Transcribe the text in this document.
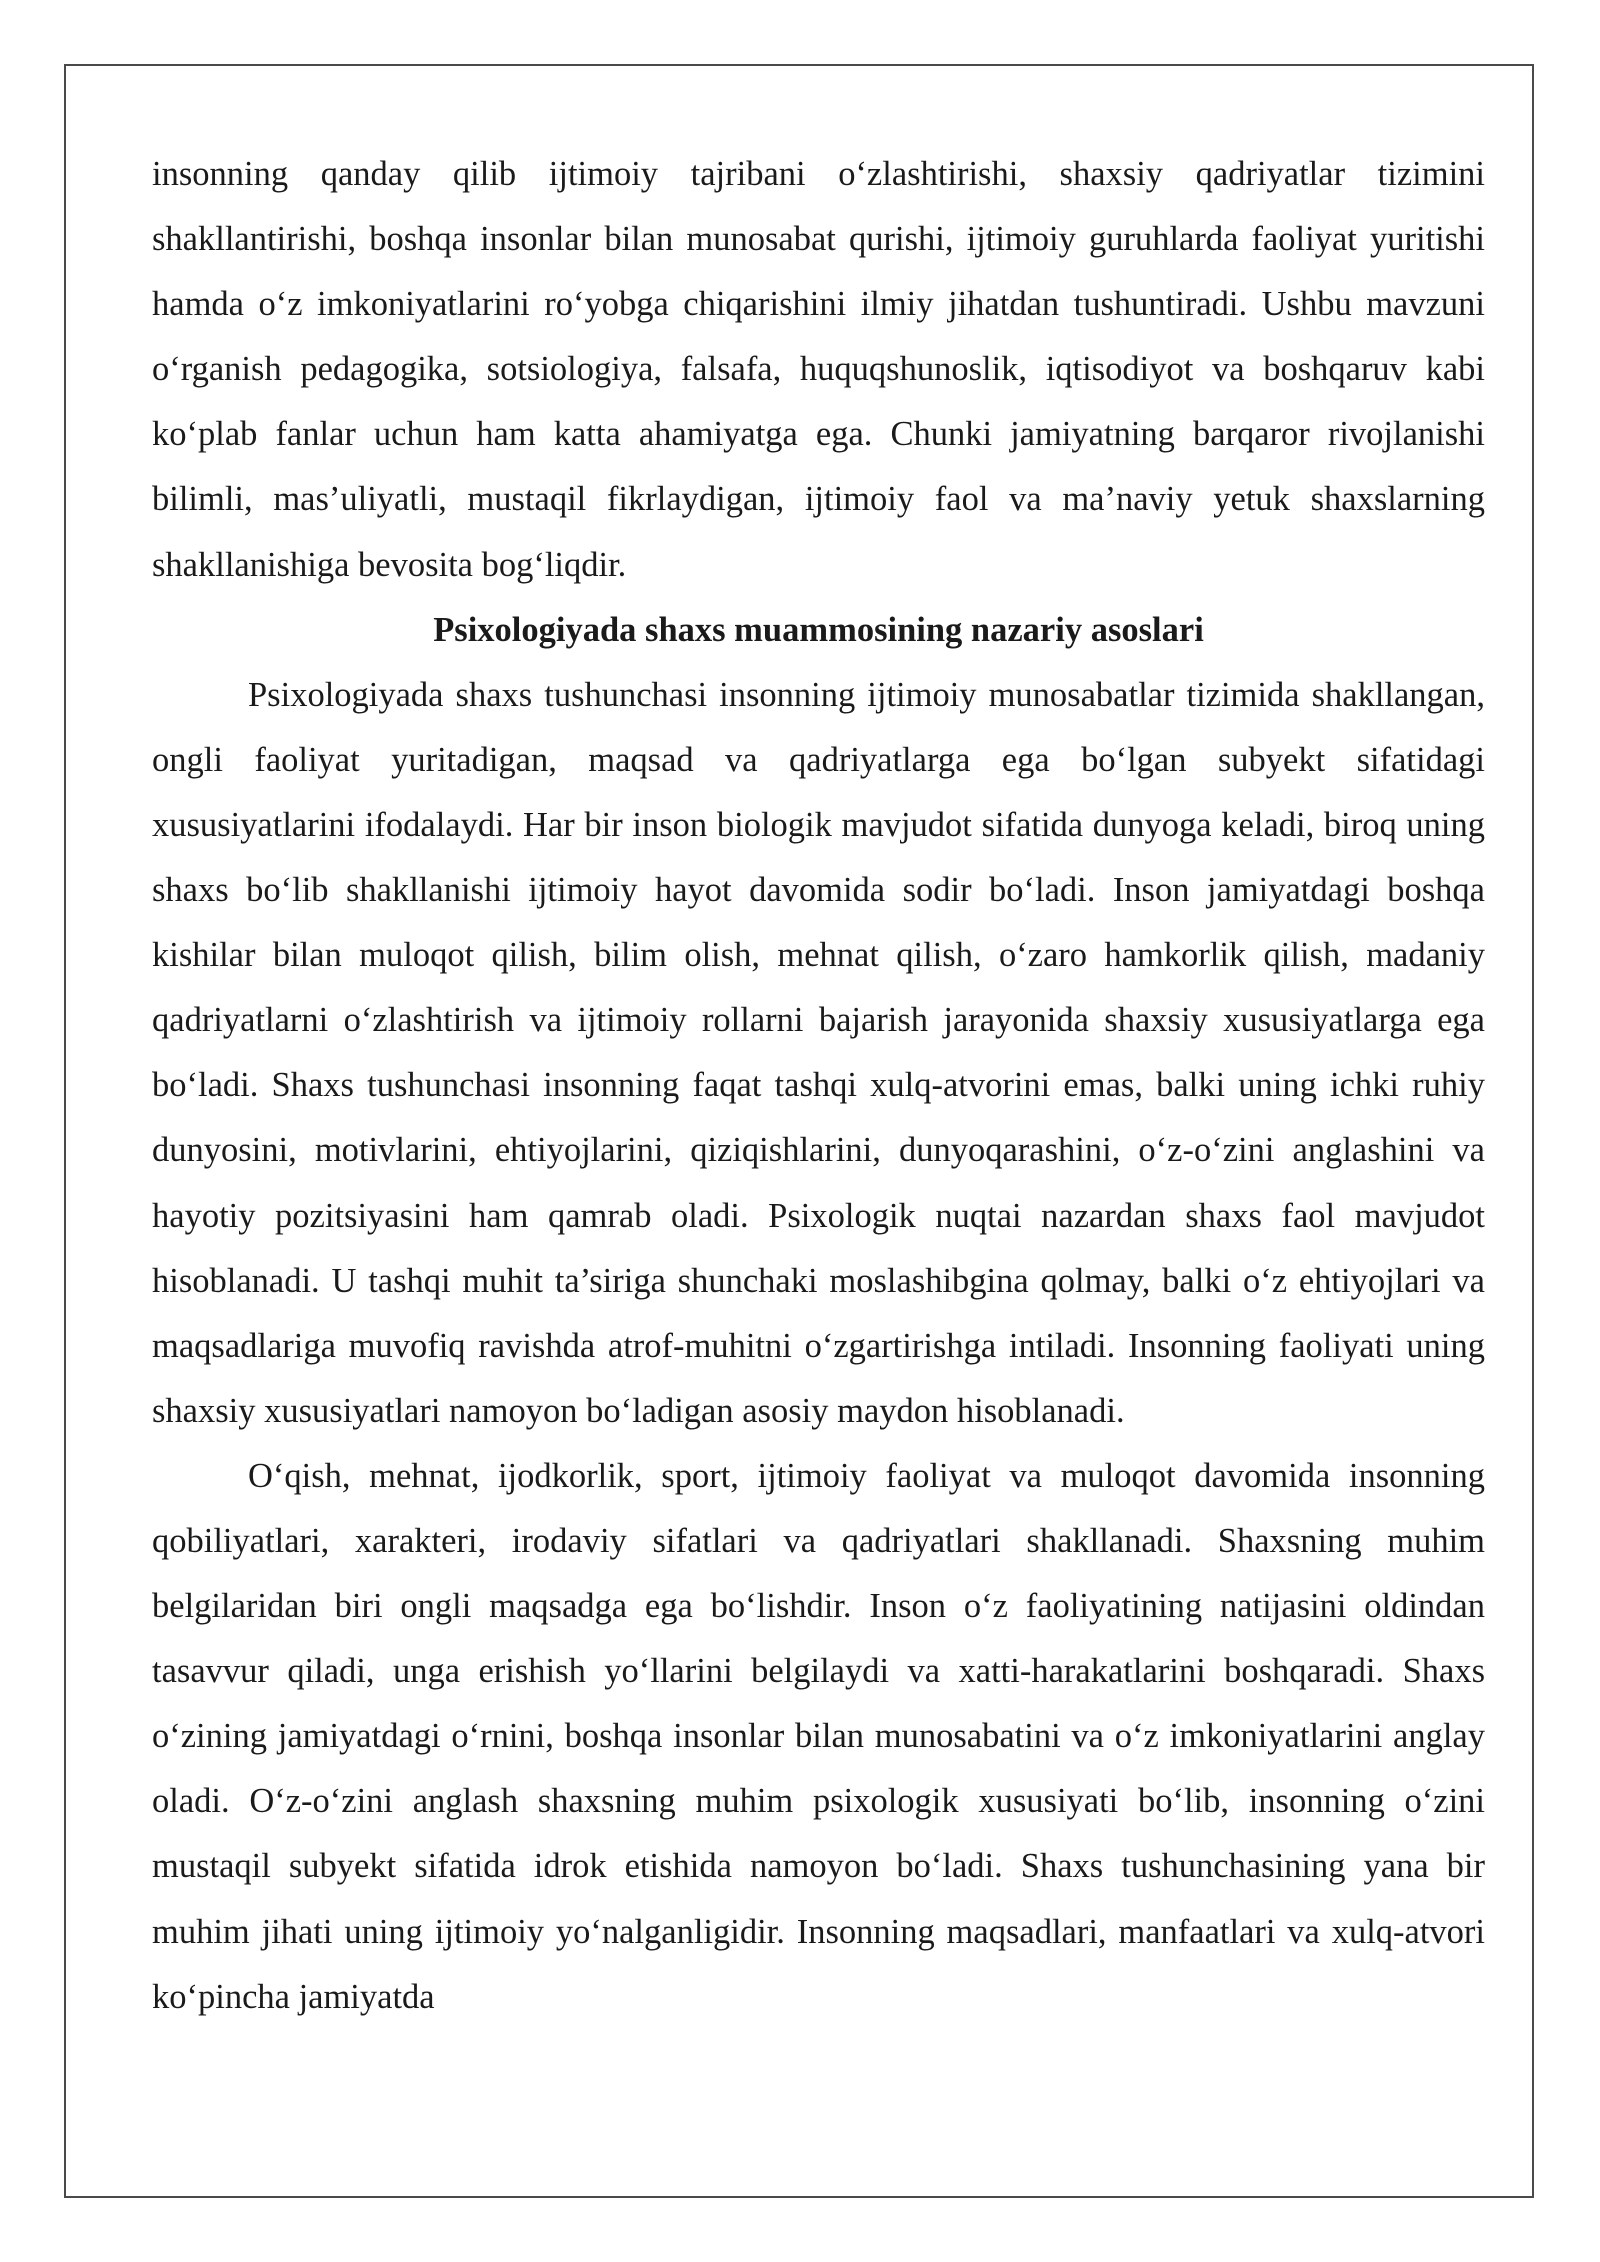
insonning qanday qilib ijtimoiy tajribani o‘zlashtirishi, shaxsiy qadriyatlar tizimini shakllantirishi, boshqa insonlar bilan munosabat qurishi, ijtimoiy guruhlarda faoliyat yuritishi hamda o‘z imkoniyatlarini ro‘yobga chiqarishini ilmiy jihatdan tushuntiradi. Ushbu mavzuni o‘rganish pedagogika, sotsiologiya, falsafa, huquqshunoslik, iqtisodiyot va boshqaruv kabi ko‘plab fanlar uchun ham katta ahamiyatga ega. Chunki jamiyatning barqaror rivojlanishi bilimli, mas’uliyatli, mustaqil fikrlaydigan, ijtimoiy faol va ma’naviy yetuk shaxslarning shakllanishiga bevosita bog‘liqdir.

Psixologiyada shaxs muammosining nazariy asoslari

Psixologiyada shaxs tushunchasi insonning ijtimoiy munosabatlar tizimida shakllangan, ongli faoliyat yuritadigan, maqsad va qadriyatlarga ega bo‘lgan subyekt sifatidagi xususiyatlarini ifodalaydi. Har bir inson biologik mavjudot sifatida dunyoga keladi, biroq uning shaxs bo‘lib shakllanishi ijtimoiy hayot davomida sodir bo‘ladi. Inson jamiyatdagi boshqa kishilar bilan muloqot qilish, bilim olish, mehnat qilish, o‘zaro hamkorlik qilish, madaniy qadriyatlarni o‘zlashtirish va ijtimoiy rollarni bajarish jarayonida shaxsiy xususiyatlarga ega bo‘ladi. Shaxs tushunchasi insonning faqat tashqi xulq-atvorini emas, balki uning ichki ruhiy dunyosini, motivlarini, ehtiyojlarini, qiziqishlarini, dunyoqarashini, o‘z-o‘zini anglashini va hayotiy pozitsiyasini ham qamrab oladi. Psixologik nuqtai nazardan shaxs faol mavjudot hisoblanadi. U tashqi muhit ta’siriga shunchaki moslashibgina qolmay, balki o‘z ehtiyojlari va maqsadlariga muvofiq ravishda atrof-muhitni o‘zgartirishga intiladi. Insonning faoliyati uning shaxsiy xususiyatlari namoyon bo‘ladigan asosiy maydon hisoblanadi.

O‘qish, mehnat, ijodkorlik, sport, ijtimoiy faoliyat va muloqot davomida insonning qobiliyatlari, xarakteri, irodaviy sifatlari va qadriyatlari shakllanadi. Shaxsning muhim belgilaridan biri ongli maqsadga ega bo‘lishdir. Inson o‘z faoliyatining natijasini oldindan tasavvur qiladi, unga erishish yo‘llarini belgilaydi va xatti-harakatlarini boshqaradi. Shaxs o‘zining jamiyatdagi o‘rnini, boshqa insonlar bilan munosabatini va o‘z imkoniyatlarini anglay oladi. O‘z-o‘zini anglash shaxsning muhim psixologik xususiyati bo‘lib, insonning o‘zini mustaqil subyekt sifatida idrok etishida namoyon bo‘ladi. Shaxs tushunchasining yana bir muhim jihati uning ijtimoiy yo‘nalganligidir. Insonning maqsadlari, manfaatlari va xulq-atvori ko‘pincha jamiyatda
